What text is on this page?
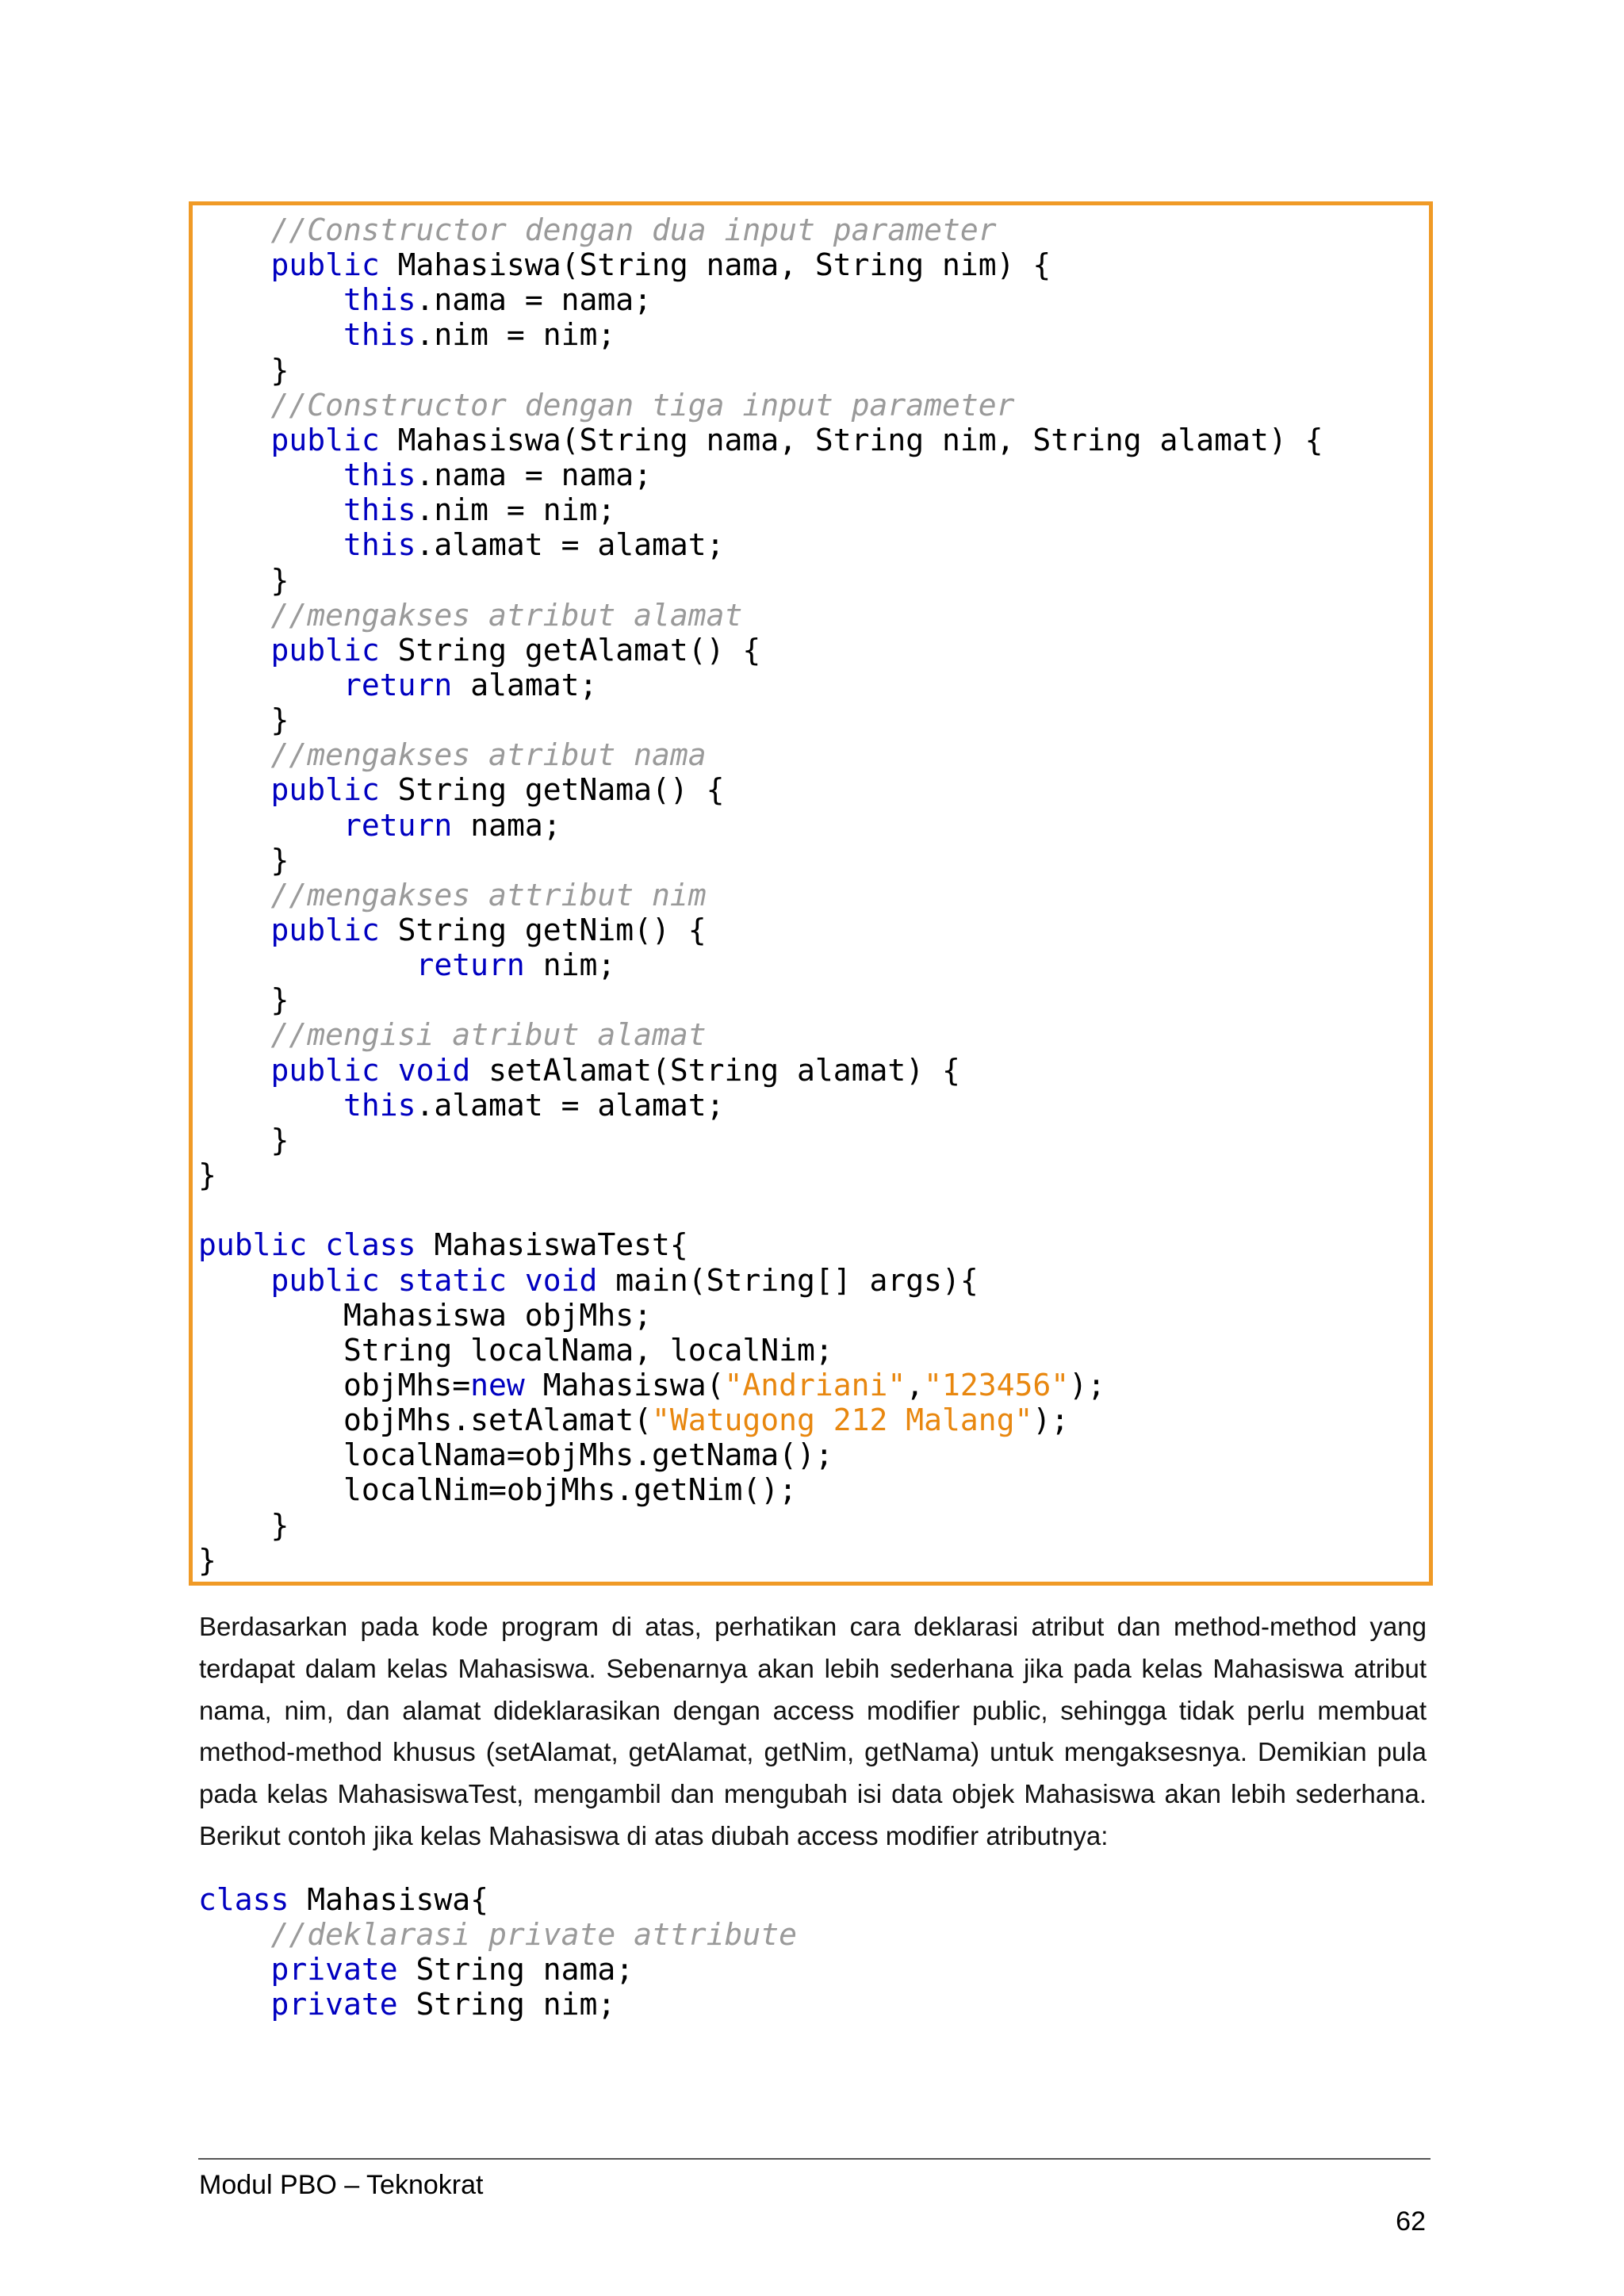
//Constructor dengan dua input parameter
public Mahasiswa(String nama, String nim) {
this.nama = nama;
this.nim = nim;
}
//Constructor dengan tiga input parameter
public Mahasiswa(String nama, String nim, String alamat) {
this.nama = nama;
this.nim = nim;
this.alamat = alamat;
}
//mengakses atribut alamat
public String getAlamat() {
return alamat;
}
//mengakses atribut nama
public String getNama() {
return nama;
}
//mengakses attribut nim
public String getNim() {
return nim;
}
//mengisi atribut alamat
public void setAlamat(String alamat) {
this.alamat = alamat;
}
}
public class MahasiswaTest{
public static void main(String[] args){
Mahasiswa objMhs;
String localNama, localNim;
objMhs=new Mahasiswa("Andriani","123456");
objMhs.setAlamat("Watugong 212 Malang");
localNama=objMhs.getNama();
localNim=objMhs.getNim();
}
}
Berdasarkan pada kode program di atas, perhatikan cara deklarasi atribut dan method-method yang terdapat dalam kelas Mahasiswa. Sebenarnya akan lebih sederhana jika pada kelas Mahasiswa atribut nama, nim, dan alamat dideklarasikan dengan access modifier public, sehingga tidak perlu membuat method-method khusus (setAlamat, getAlamat, getNim, getNama) untuk mengaksesnya. Demikian pula pada kelas MahasiswaTest, mengambil dan mengubah isi data objek Mahasiswa akan lebih sederhana. Berikut contoh jika kelas Mahasiswa di atas diubah access modifier atributnya:
class Mahasiswa{
//deklarasi private attribute
private String nama;
private String nim;
Modul PBO – Teknokrat
62
